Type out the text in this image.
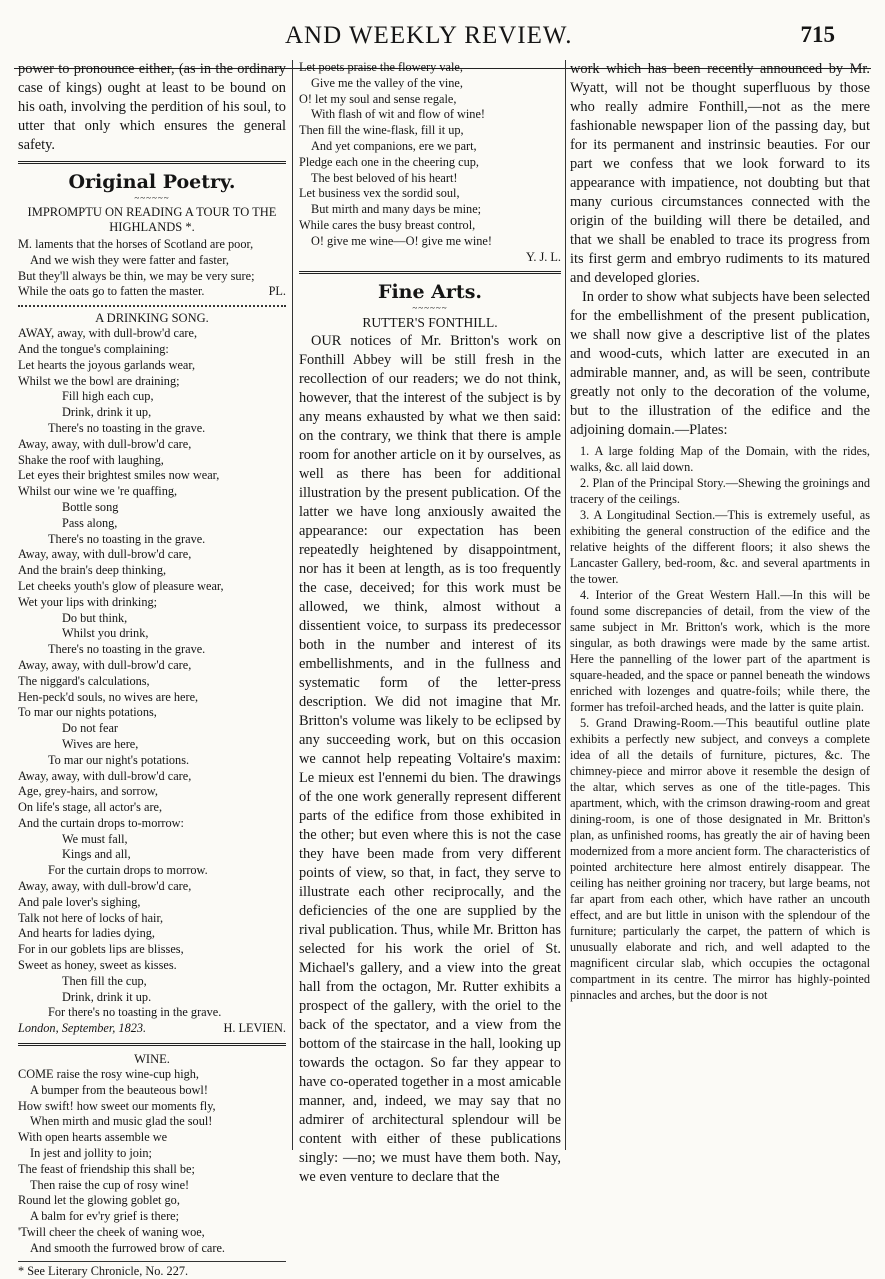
AND WEEKLY REVIEW.	715

power to pronounce either, (as in the ordinary case of kings) ought at least to be bound on his oath, involving the perdition of his soul, to utter that only which ensures the general safety.

Original Poetry.
~~~~~~
IMPROMPTU ON READING A TOUR TO THE HIGHLANDS *.
M. laments that the horses of Scotland are poor,
And we wish they were fatter and faster,
But they'll always be thin, we may be very sure;
While the oats go to fatten the master.	PL.
A DRINKING SONG.
AWAY, away, with dull-brow'd care,
And the tongue's complaining:
Let hearts the joyous garlands wear,
Whilst we the bowl are draining;
Fill high each cup,
Drink, drink it up,
There's no toasting in the grave.
Away, away, with dull-brow'd care,
Shake the roof with laughing,
Let eyes their brightest smiles now wear,
Whilst our wine we 're quaffing,
Bottle song
Pass along,
There's no toasting in the grave.
Away, away, with dull-brow'd care,
And the brain's deep thinking,
Let cheeks youth's glow of pleasure wear,
Wet your lips with drinking;
Do but think,
Whilst you drink,
There's no toasting in the grave.
Away, away, with dull-brow'd care,
The niggard's calculations,
Hen-peck'd souls, no wives are here,
To mar our nights potations,
Do not fear
Wives are here,
To mar our night's potations.
Away, away, with dull-brow'd care,
Age, grey-hairs, and sorrow,
On life's stage, all actor's are,
And the curtain drops to-morrow:
We must fall,
Kings and all,
For the curtain drops to morrow.
Away, away, with dull-brow'd care,
And pale lover's sighing,
Talk not here of locks of hair,
And hearts for ladies dying,
For in our goblets lips are blisses,
Sweet as honey, sweet as kisses.
Then fill the cup,
Drink, drink it up.
For there's no toasting in the grave.
London, September, 1823.	H. LEVIEN.
WINE.
COME raise the rosy wine-cup high,
A bumper from the beauteous bowl!
How swift! how sweet our moments fly,
When mirth and music glad the soul!
With open hearts assemble we
In jest and jollity to join;
The feast of friendship this shall be;
Then raise the cup of rosy wine!
Round let the glowing goblet go,
A balm for ev'ry grief is there;
'Twill cheer the cheek of waning woe,
And smooth the furrowed brow of care.
* See Literary Chronicle, No. 227.
Let poets praise the flowery vale,
Give me the valley of the vine,
O! let my soul and sense regale,
With flash of wit and flow of wine!
Then fill the wine-flask, fill it up,
And yet companions, ere we part,
Pledge each one in the cheering cup,
The best beloved of his heart!
Let business vex the sordid soul,
But mirth and many days be mine;
While cares the busy breast control,
O! give me wine—O! give me wine!
Y. J. L.
Fine Arts.
~~~~~~
RUTTER'S FONTHILL.

OUR notices of Mr. Britton's work on Fonthill Abbey will be still fresh in the recollection of our readers; we do not think, however, that the interest of the subject is by any means exhausted by what we then said: on the contrary, we think that there is ample room for another article on it by ourselves, as well as there has been for additional illustration by the present publication. Of the latter we have long anxiously awaited the appearance: our expectation has been repeatedly heightened by disappointment, nor has it been at length, as is too frequently the case, deceived; for this work must be allowed, we think, almost without a dissentient voice, to surpass its predecessor both in the number and interest of its embellishments, and in the fullness and systematic form of the letter-press description. We did not imagine that Mr. Britton's volume was likely to be eclipsed by any succeeding work, but on this occasion we cannot help repeating Voltaire's maxim: Le mieux est l'ennemi du bien. The drawings of the one work generally represent different parts of the edifice from those exhibited in the other; but even where this is not the case they have been made from very different points of view, so that, in fact, they serve to illustrate each other reciprocally, and the deficiencies of the one are supplied by the rival publication. Thus, while Mr. Britton has selected for his work the oriel of St. Michael's gallery, and a view into the great hall from the octagon, Mr. Rutter exhibits a prospect of the gallery, with the oriel to the back of the spectator, and a view from the bottom of the staircase in the hall, looking up towards the octagon. So far they appear to have co-operated together in a most amicable manner, and, indeed, we may say that no admirer of architectural splendour will be content with either of these publications singly: —no; we must have them both. Nay, we even venture to declare that the

work which has been recently announced by Mr. Wyatt, will not be thought superfluous by those who really admire Fonthill,—not as the mere fashionable newspaper lion of the passing day, but for its permanent and instrinsic beauties. For our part we confess that we look forward to its appearance with impatience, not doubting but that many curious circumstances connected with the origin of the building will there be detailed, and that we shall be enabled to trace its progress from its first germ and embryo rudiments to its matured and developed glories.

In order to show what subjects have been selected for the embellishment of the present publication, we shall now give a descriptive list of the plates and wood-cuts, which latter are executed in an admirable manner, and, as will be seen, contribute greatly not only to the decoration of the volume, but to the illustration of the edifice and the adjoining domain.—Plates:

1. A large folding Map of the Domain, with the rides, walks, &c. all laid down.

2. Plan of the Principal Story.—Shewing the groinings and tracery of the ceilings.

3. A Longitudinal Section.—This is extremely useful, as exhibiting the general construction of the edifice and the relative heights of the different floors; it also shews the Lancaster Gallery, bed-room, &c. and several apartments in the tower.

4. Interior of the Great Western Hall.—In this will be found some discrepancies of detail, from the view of the same subject in Mr. Britton's work, which is the more singular, as both drawings were made by the same artist. Here the pannelling of the lower part of the apartment is square-headed, and the space or pannel beneath the windows enriched with lozenges and quatre-foils; while there, the former has trefoil-arched heads, and the latter is quite plain.

5. Grand Drawing-Room.—This beautiful outline plate exhibits a perfectly new subject, and conveys a complete idea of all the details of furniture, pictures, &c. The chimney-piece and mirror above it resemble the design of the altar, which serves as one of the title-pages. This apartment, which, with the crimson drawing-room and great dining-room, is one of those designated in Mr. Britton's plan, as unfinished rooms, has greatly the air of having been modernized from a more ancient form. The characteristics of pointed architecture here almost entirely disappear. The ceiling has neither groining nor tracery, but large beams, not far apart from each other, which have rather an uncouth effect, and are but little in unison with the splendour of the furniture; particularly the carpet, the pattern of which is unusually elaborate and rich, and well adapted to the magnificent circular slab, which occupies the octagonal compartment in its centre. The mirror has highly-pointed pinnacles and arches, but the door is not
